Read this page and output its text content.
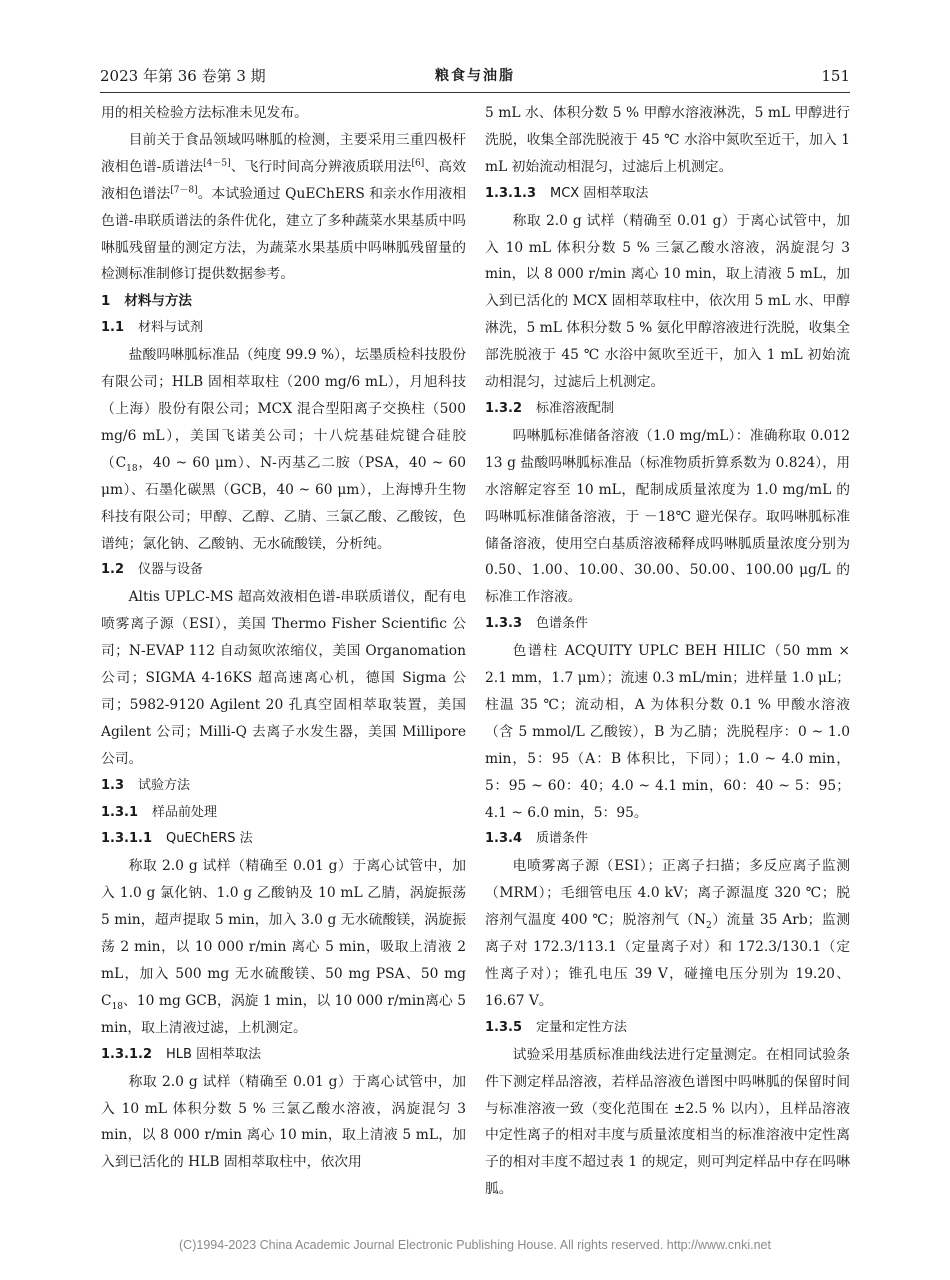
2023 年第 36 卷第 3 期	粮食与油脂	151

用的相关检验方法标准未见发布。

目前关于食品领域吗啉胍的检测，主要采用三重四极杆液相色谱-质谱法[4－5]、飞行时间高分辨液质联用法[6]、高效液相色谱法[7－8]。本试验通过 QuEChERS 和亲水作用液相色谱-串联质谱法的条件优化，建立了多种蔬菜水果基质中吗啉胍残留量的测定方法，为蔬菜水果基质中吗啉胍残留量的检测标准制修订提供数据参考。

1 材料与方法

1.1 材料与试剂

盐酸吗啉胍标准品（纯度 99.9 %），坛墨质检科技股份有限公司；HLB 固相萃取柱（200 mg/6 mL），月旭科技（上海）股份有限公司；MCX 混合型阳离子交换柱（500 mg/6 mL），美国飞诺美公司；十八烷基硅烷键合硅胶（$C_{18}$，40 ~ 60 μm）、N-丙基乙二胺（PSA，40 ~ 60 μm）、石墨化碳黑（GCB，40 ~ 60 μm），上海博升生物科技有限公司；甲醇、乙醇、乙腈、三氯乙酸、乙酸铵，色谱纯；氯化钠、乙酸钠、无水硫酸镁，分析纯。

1.2 仪器与设备

Altis UPLC-MS 超高效液相色谱-串联质谱仪，配有电喷雾离子源（ESI），美国 Thermo Fisher Scientific 公司；N-EVAP 112 自动氮吹浓缩仪，美国 Organomation 公司；SIGMA 4-16KS 超高速离心机，德国 Sigma 公司；5982-9120 Agilent 20 孔真空固相萃取装置，美国 Agilent 公司；Milli-Q 去离子水发生器，美国 Millipore 公司。

1.3 试验方法

1.3.1 样品前处理

1.3.1.1 QuEChERS 法

称取 2.0 g 试样（精确至 0.01 g）于离心试管中，加入 1.0 g 氯化钠、1.0 g 乙酸钠及 10 mL 乙腈，涡旋振荡 5 min，超声提取 5 min，加入 3.0 g 无水硫酸镁，涡旋振荡 2 min，以 10 000 r/min 离心 5 min，吸取上清液 2 mL，加入 500 mg 无水硫酸镁、50 mg PSA、50 mg $C_{18}$、10 mg GCB，涡旋 1 min，以 10 000 r/min离心 5 min，取上清液过滤，上机测定。

1.3.1.2 HLB 固相萃取法

称取 2.0 g 试样（精确至 0.01 g）于离心试管中，加入 10 mL 体积分数 5 % 三氯乙酸水溶液，涡旋混匀 3 min，以 8 000 r/min 离心 10 min，取上清液 5 mL，加入到已活化的 HLB 固相萃取柱中，依次用

5 mL 水、体积分数 5 % 甲醇水溶液淋洗，5 mL 甲醇进行洗脱，收集全部洗脱液于 45 ℃ 水浴中氮吹至近干，加入 1 mL 初始流动相混匀，过滤后上机测定。

1.3.1.3 MCX 固相萃取法

称取 2.0 g 试样（精确至 0.01 g）于离心试管中，加入 10 mL 体积分数 5 % 三氯乙酸水溶液，涡旋混匀 3 min，以 8 000 r/min 离心 10 min，取上清液 5 mL，加入到已活化的 MCX 固相萃取柱中，依次用 5 mL 水、甲醇淋洗，5 mL 体积分数 5 % 氨化甲醇溶液进行洗脱，收集全部洗脱液于 45 ℃ 水浴中氮吹至近干，加入 1 mL 初始流动相混匀，过滤后上机测定。

1.3.2 标准溶液配制

吗啉胍标准储备溶液（1.0 mg/mL）：准确称取 0.012 13 g 盐酸吗啉胍标准品（标准物质折算系数为 0.824），用水溶解定容至 10 mL，配制成质量浓度为 1.0 mg/mL 的吗啉呱标准储备溶液，于 －18℃ 避光保存。取吗啉胍标准储备溶液，使用空白基质溶液稀释成吗啉胍质量浓度分别为 0.50、1.00、10.00、30.00、50.00、100.00 μg/L 的标准工作溶液。

1.3.3 色谱条件

色谱柱 ACQUITY UPLC BEH HILIC（50 mm × 2.1 mm，1.7 μm）；流速 0.3 mL/min；进样量 1.0 μL；柱温 35 ℃；流动相，A 为体积分数 0.1 % 甲酸水溶液（含 5 mmol/L 乙酸铵），B 为乙腈；洗脱程序：0 ~ 1.0 min，5：95（A：B 体积比，下同）；1.0 ~ 4.0 min，5：95 ~ 60：40；4.0 ~ 4.1 min，60：40 ~ 5：95；4.1 ~ 6.0 min，5：95。

1.3.4 质谱条件

电喷雾离子源（ESI）；正离子扫描；多反应离子监测（MRM）；毛细管电压 4.0 kV；离子源温度 320 ℃；脱溶剂气温度 400 ℃；脱溶剂气$(N_2)$流量 35 Arb；监测离子对 172.3/113.1（定量离子对）和 172.3/130.1（定性离子对）；锥孔电压 39 V，碰撞电压分别为 19.20、16.67 V。

1.3.5 定量和定性方法

试验采用基质标准曲线法进行定量测定。在相同试验条件下测定样品溶液，若样品溶液色谱图中吗啉胍的保留时间与标准溶液一致（变化范围在 ±2.5 % 以内），且样品溶液中定性离子的相对丰度与质量浓度相当的标准溶液中定性离子的相对丰度不超过表 1 的规定，则可判定样品中存在吗啉胍。

(C)1994-2023 China Academic Journal Electronic Publishing House. All rights reserved. http://www.cnki.net
